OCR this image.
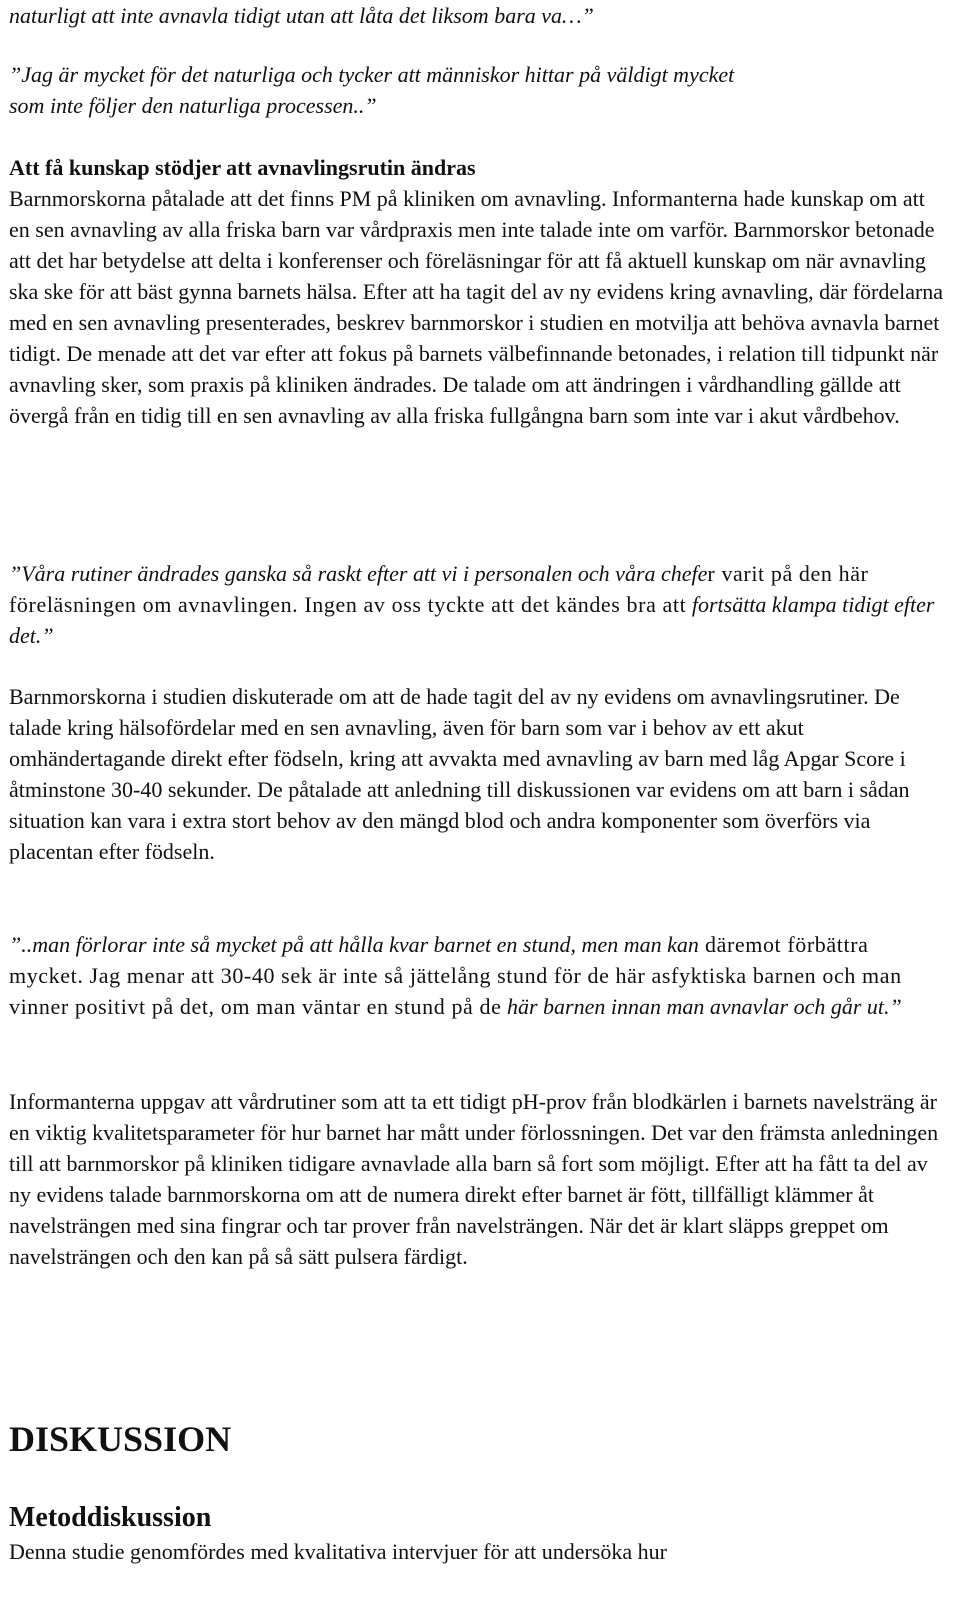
naturligt att inte avnavla tidigt utan att låta det liksom bara va…”

”Jag är mycket för det naturliga och tycker att människor hittar på väldigt mycket
som inte följer den naturliga processen..”

Att få kunskap stödjer att avnavlingsrutin ändras

Barnmorskorna påtalade att det finns PM på kliniken om avnavling. Informanterna hade kunskap om att en sen avnavling av alla friska barn var vårdpraxis men inte talade inte om varför. Barnmorskor betonade att det har betydelse att delta i konferenser och föreläsningar för att få aktuell kunskap om när avnavling ska ske för att bäst gynna barnets hälsa. Efter att ha tagit del av ny evidens kring avnavling, där fördelarna med en sen avnavling presenterades, beskrev barnmorskor i studien en motvilja att behöva avnavla barnet tidigt. De menade att det var efter att fokus på barnets välbefinnande betonades, i relation till tidpunkt när avnavling sker, som praxis på kliniken ändrades. De talade om att ändringen i vårdhandling gällde att övergå från en tidig till en sen avnavling av alla friska fullgångna barn som inte var i akut vårdbehov.

”Våra rutiner ändrades ganska så raskt efter att vi i personalen och våra chefer varit på den här föreläsningen om avnavlingen. Ingen av oss tyckte att det kändes bra att fortsätta klampa tidigt efter det.”

Barnmorskorna i studien diskuterade om att de hade tagit del av ny evidens om avnavlingsrutiner. De talade kring hälsofördelar med en sen avnavling, även för barn som var i behov av ett akut omhändertagande direkt efter födseln, kring att avvakta med avnavling av barn med låg Apgar Score i åtminstone 30-40 sekunder. De påtalade att anledning till diskussionen var evidens om att barn i sådan situation kan vara i extra stort behov av den mängd blod och andra komponenter som överförs via placentan efter födseln.

”..man förlorar inte så mycket på att hålla kvar barnet en stund, men man kan däremot förbättra mycket. Jag menar att 30-40 sek är inte så jättelång stund för de här asfyktiska barnen och man vinner positivt på det, om man väntar en stund på de här barnen innan man avnavlar och går ut.”

Informanterna uppgav att vårdrutiner som att ta ett tidigt pH-prov från blodkärlen i barnets navelsträng är en viktig kvalitetsparameter för hur barnet har mått under förlossningen. Det var den främsta anledningen till att barnmorskor på kliniken tidigare avnavlade alla barn så fort som möjligt. Efter att ha fått ta del av ny evidens talade barnmorskorna om att de numera direkt efter barnet är fött, tillfälligt klämmer åt navelsträngen med sina fingrar och tar prover från navelsträngen. När det är klart släpps greppet om navelsträngen och den kan på så sätt pulsera färdigt.

DISKUSSION
Metoddiskussion

Denna studie genomfördes med kvalitativa intervjuer för att undersöka hur
